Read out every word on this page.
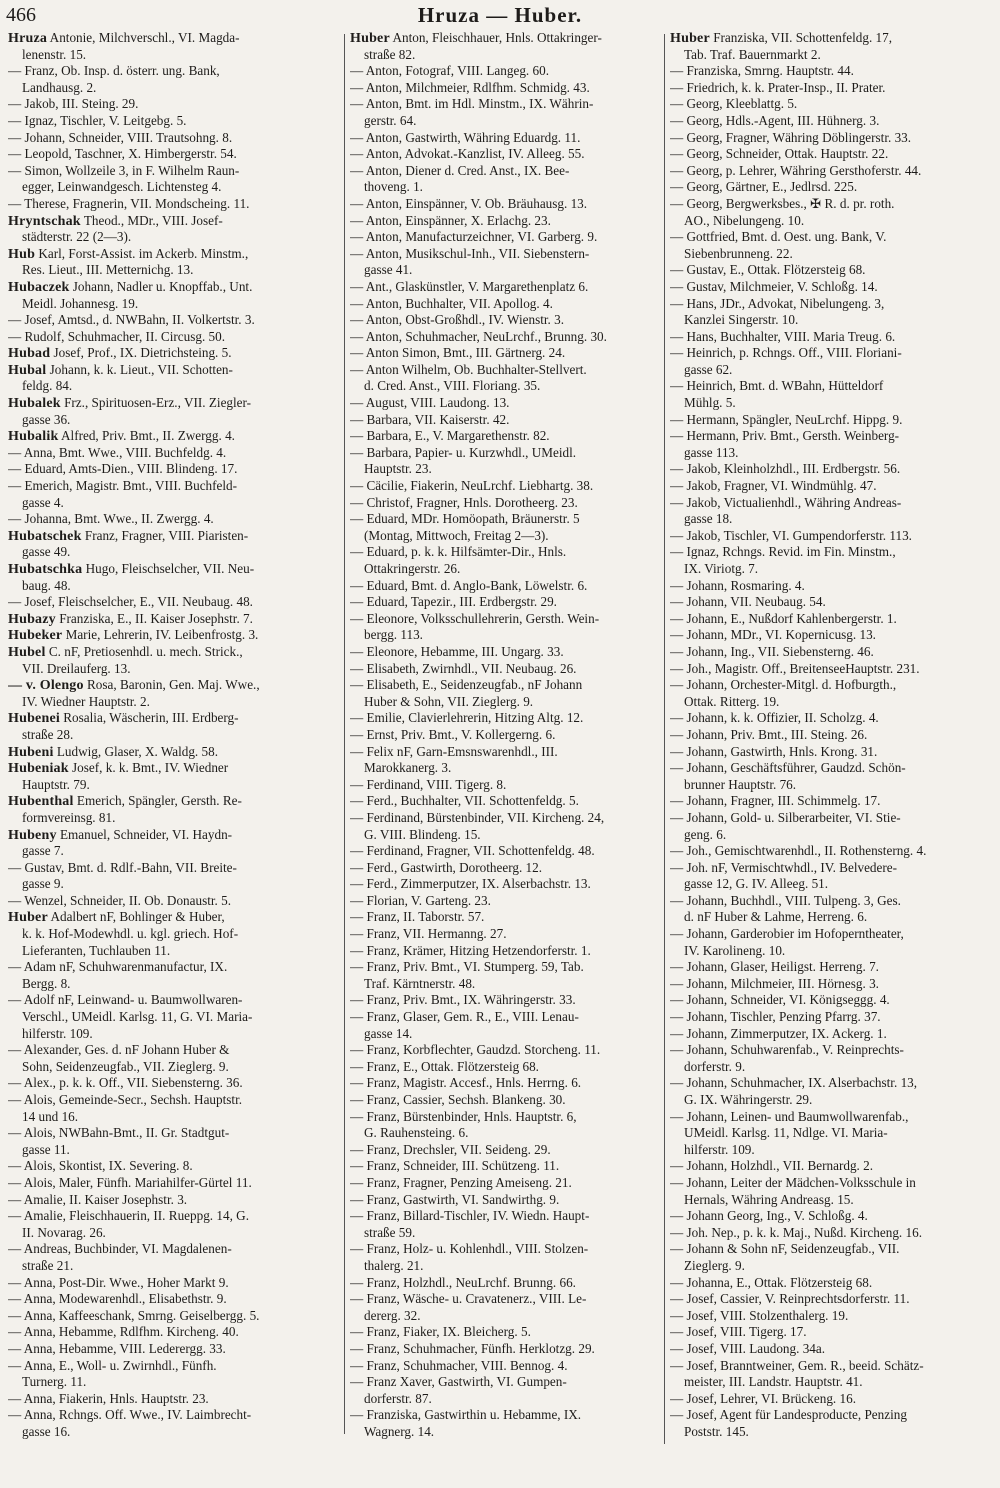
466	Hruza — Huber.
Hruza Antonie, Milchverschl., VI. Magda-
lenenstr. 15.
— Franz, Ob. Insp. d. österr. ung. Bank,
Landhausg. 2.
— Jakob, III. Steing. 29.
— Ignaz, Tischler, V. Leitgebg. 5.
— Johann, Schneider, VIII. Trautsohng. 8.
— Leopold, Taschner, X. Himbergerstr. 54.
— Simon, Wollzeile 3, in F. Wilhelm Raun-
egger, Leinwandgesch. Lichtensteg 4.
— Therese, Fragnerin, VII. Mondscheing. 11.
Hryntschak Theod., MDr., VIII. Josef-
städterstr. 22 (2—3).
Hub Karl, Forst-Assist. im Ackerb. Minstm.,
Res. Lieut., III. Metternichg. 13.
Hubaczek Johann, Nadler u. Knopffab., Unt.
Meidl. Johannesg. 19.
— Josef, Amtsd., d. NWBahn, II. Volkertstr. 3.
— Rudolf, Schuhmacher, II. Circusg. 50.
Hubad Josef, Prof., IX. Dietrichsteing. 5.
Hubal Johann, k. k. Lieut., VII. Schotten-
feldg. 84.
Hubalek Frz., Spirituosen-Erz., VII. Ziegler-
gasse 36.
Hubalik Alfred, Priv. Bmt., II. Zwergg. 4.
— Anna, Bmt. Wwe., VIII. Buchfeldg. 4.
— Eduard, Amts-Dien., VIII. Blindeng. 17.
— Emerich, Magistr. Bmt., VIII. Buchfeld-
gasse 4.
— Johanna, Bmt. Wwe., II. Zwergg. 4.
Hubatschek Franz, Fragner, VIII. Piaristen-
gasse 49.
Hubatschka Hugo, Fleischselcher, VII. Neu-
baug. 48.
— Josef, Fleischselcher, E., VII. Neubaug. 48.
Hubazy Franziska, E., II. Kaiser Josephstr. 7.
Hubeker Marie, Lehrerin, IV. Leibenfrostg. 3.
Hubel C. nF, Pretiosenhdl. u. mech. Strick.,
VII. Dreilauferg. 13.
— v. Olengo Rosa, Baronin, Gen. Maj. Wwe.,
IV. Wiedner Hauptstr. 2.
Hubenei Rosalia, Wäscherin, III. Erdberg-
straße 28.
Hubeni Ludwig, Glaser, X. Waldg. 58.
Hubeniak Josef, k. k. Bmt., IV. Wiedner
Hauptstr. 79.
Hubenthal Emerich, Spängler, Gersth. Re-
formvereinsg. 81.
Hubeny Emanuel, Schneider, VI. Haydn-
gasse 7.
— Gustav, Bmt. d. Rdlf.-Bahn, VII. Breite-
gasse 9.
— Wenzel, Schneider, II. Ob. Donaustr. 5.
Huber Adalbert nF, Bohlinger & Huber,
k. k. Hof-Modewhdl. u. kgl. griech. Hof-
Lieferanten, Tuchlauben 11.
— Adam nF, Schuhwarenmanufactur, IX.
Bergg. 8.
— Adolf nF, Leinwand- u. Baumwollwaren-
Verschl., UMeidl. Karlsg. 11, G. VI. Maria-
hilferstr. 109.
— Alexander, Ges. d. nF Johann Huber &
Sohn, Seidenzeugfab., VII. Zieglerg. 9.
— Alex., p. k. k. Off., VII. Siebensterng. 36.
— Alois, Gemeinde-Secr., Sechsh. Hauptstr.
14 und 16.
— Alois, NWBahn-Bmt., II. Gr. Stadtgut-
gasse 11.
— Alois, Skontist, IX. Severing. 8.
— Alois, Maler, Fünfh. Mariahilfer-Gürtel 11.
— Amalie, II. Kaiser Josephstr. 3.
— Amalie, Fleischhauerin, II. Rueppg. 14, G.
II. Novarag. 26.
— Andreas, Buchbinder, VI. Magdalenen-
straße 21.
— Anna, Post-Dir. Wwe., Hoher Markt 9.
— Anna, Modewarenhdl., Elisabethstr. 9.
— Anna, Kaffeeschank, Smrng. Geiselbergg. 5.
— Anna, Hebamme, Rdlfhm. Kircheng. 40.
— Anna, Hebamme, VIII. Lederergg. 33.
— Anna, E., Woll- u. Zwirnhdl., Fünfh.
Turnerg. 11.
— Anna, Fiakerin, Hnls. Hauptstr. 23.
— Anna, Rchngs. Off. Wwe., IV. Laimbrecht-
gasse 16.
Huber Anton, Fleischhauer, Hnls. Ottakringer-
straße 82.
— Anton, Fotograf, VIII. Langeg. 60.
— Anton, Milchmeier, Rdlfhm. Schmidg. 43.
— Anton, Bmt. im Hdl. Minstm., IX. Währin-
gerstr. 64.
— Anton, Gastwirth, Währing Eduardg. 11.
— Anton, Advokat.-Kanzlist, IV. Alleeg. 55.
— Anton, Diener d. Cred. Anst., IX. Bee-
thoveng. 1.
— Anton, Einspänner, V. Ob. Bräuhausg. 13.
— Anton, Einspänner, X. Erlachg. 23.
— Anton, Manufacturzeichner, VI. Garberg. 9.
— Anton, Musikschul-Inh., VII. Siebenstern-
gasse 41.
— Ant., Glaskünstler, V. Margarethenplatz 6.
— Anton, Buchhalter, VII. Apollog. 4.
— Anton, Obst-Großhdl., IV. Wienstr. 3.
— Anton, Schuhmacher, NeuLrchf., Brunng. 30.
— Anton Simon, Bmt., III. Gärtnerg. 24.
— Anton Wilhelm, Ob. Buchhalter-Stellvert.
d. Cred. Anst., VIII. Floriang. 35.
— August, VIII. Laudong. 13.
— Barbara, VII. Kaiserstr. 42.
— Barbara, E., V. Margarethenstr. 82.
— Barbara, Papier- u. Kurzwhdl., UMeidl.
Hauptstr. 23.
— Cäcilie, Fiakerin, NeuLrchf. Liebhartg. 38.
— Christof, Fragner, Hnls. Dorotheerg. 23.
— Eduard, MDr. Homöopath, Bräunerstr. 5
(Montag, Mittwoch, Freitag 2—3).
— Eduard, p. k. k. Hilfsämter-Dir., Hnls.
Ottakringerstr. 26.
— Eduard, Bmt. d. Anglo-Bank, Löwelstr. 6.
— Eduard, Tapezir., III. Erdbergstr. 29.
— Eleonore, Volksschullehrerin, Gersth. Wein-
bergg. 113.
— Eleonore, Hebamme, III. Ungarg. 33.
— Elisabeth, Zwirnhdl., VII. Neubaug. 26.
— Elisabeth, E., Seidenzeugfab., nF Johann
Huber & Sohn, VII. Zieglerg. 9.
— Emilie, Clavierlehrerin, Hitzing Altg. 12.
— Ernst, Priv. Bmt., V. Kollergerng. 6.
— Felix nF, Garn-Emsnswarenhdl., III.
Marokkanerg. 3.
— Ferdinand, VIII. Tigerg. 8.
— Ferd., Buchhalter, VII. Schottenfeldg. 5.
— Ferdinand, Bürstenbinder, VII. Kircheng. 24,
G. VIII. Blindeng. 15.
— Ferdinand, Fragner, VII. Schottenfeldg. 48.
— Ferd., Gastwirth, Dorotheerg. 12.
— Ferd., Zimmerputzer, IX. Alserbachstr. 13.
— Florian, V. Garteng. 23.
— Franz, II. Taborstr. 57.
— Franz, VII. Hermanng. 27.
— Franz, Krämer, Hitzing Hetzendorferstr. 1.
— Franz, Priv. Bmt., VI. Stumperg. 59, Tab.
Traf. Kärntnerstr. 48.
— Franz, Priv. Bmt., IX. Währingerstr. 33.
— Franz, Glaser, Gem. R., E., VIII. Lenau-
gasse 14.
— Franz, Korbflechter, Gaudzd. Storcheng. 11.
— Franz, E., Ottak. Flötzersteig 68.
— Franz, Magistr. Accesf., Hnls. Herrng. 6.
— Franz, Cassier, Sechsh. Blankeng. 30.
— Franz, Bürstenbinder, Hnls. Hauptstr. 6,
G. Rauhensteing. 6.
— Franz, Drechsler, VII. Seideng. 29.
— Franz, Schneider, III. Schützeng. 11.
— Franz, Fragner, Penzing Ameiseng. 21.
— Franz, Gastwirth, VI. Sandwirthg. 9.
— Franz, Billard-Tischler, IV. Wiedn. Haupt-
straße 59.
— Franz, Holz- u. Kohlenhdl., VIII. Stolzen-
thalerg. 21.
— Franz, Holzhdl., NeuLrchf. Brunng. 66.
— Franz, Wäsche- u. Cravatenerz., VIII. Le-
dererg. 32.
— Franz, Fiaker, IX. Bleicherg. 5.
— Franz, Schuhmacher, Fünfh. Herklotzg. 29.
— Franz, Schuhmacher, VIII. Bennog. 4.
— Franz Xaver, Gastwirth, VI. Gumpen-
dorferstr. 87.
— Franziska, Gastwirthin u. Hebamme, IX.
Wagnerg. 14.
Huber Franziska, VII. Schottenfeldg. 17,
Tab. Traf. Bauernmarkt 2.
— Franziska, Smrng. Hauptstr. 44.
— Friedrich, k. k. Prater-Insp., II. Prater.
— Georg, Kleeblattg. 5.
— Georg, Hdls.-Agent, III. Hühnerg. 3.
— Georg, Fragner, Währing Döblingerstr. 33.
— Georg, Schneider, Ottak. Hauptstr. 22.
— Georg, p. Lehrer, Währing Gersthoferstr. 44.
— Georg, Gärtner, E., Jedlrsd. 225.
— Georg, Bergwerksbes., ✠ R. d. pr. roth.
AO., Nibelungeng. 10.
— Gottfried, Bmt. d. Oest. ung. Bank, V.
Siebenbrunneng. 22.
— Gustav, E., Ottak. Flötzersteig 68.
— Gustav, Milchmeier, V. Schloßg. 14.
— Hans, JDr., Advokat, Nibelungeng. 3,
Kanzlei Singerstr. 10.
— Hans, Buchhalter, VIII. Maria Treug. 6.
— Heinrich, p. Rchngs. Off., VIII. Floriani-
gasse 62.
— Heinrich, Bmt. d. WBahn, Hütteldorf
Mühlg. 5.
— Hermann, Spängler, NeuLrchf. Hippg. 9.
— Hermann, Priv. Bmt., Gersth. Weinberg-
gasse 113.
— Jakob, Kleinholzhdl., III. Erdbergstr. 56.
— Jakob, Fragner, VI. Windmühlg. 47.
— Jakob, Victualienhdl., Währing Andreas-
gasse 18.
— Jakob, Tischler, VI. Gumpendorferstr. 113.
— Ignaz, Rchngs. Revid. im Fin. Minstm.,
IX. Viriotg. 7.
— Johann, Rosmaring. 4.
— Johann, VII. Neubaug. 54.
— Johann, E., Nußdorf Kahlenbergerstr. 1.
— Johann, MDr., VI. Kopernicusg. 13.
— Johann, Ing., VII. Siebensterng. 46.
— Joh., Magistr. Off., BreitenseeHauptstr. 231.
— Johann, Orchester-Mitgl. d. Hofburgth.,
Ottak. Ritterg. 19.
— Johann, k. k. Offizier, II. Scholzg. 4.
— Johann, Priv. Bmt., III. Steing. 26.
— Johann, Gastwirth, Hnls. Krong. 31.
— Johann, Geschäftsführer, Gaudzd. Schön-
brunner Hauptstr. 76.
— Johann, Fragner, III. Schimmelg. 17.
— Johann, Gold- u. Silberarbeiter, VI. Stie-
geng. 6.
— Joh., Gemischtwarenhdl., II. Rothensterng. 4.
— Joh. nF, Vermischtwhdl., IV. Belvedere-
gasse 12, G. IV. Alleeg. 51.
— Johann, Buchhdl., VIII. Tulpeng. 3, Ges.
d. nF Huber & Lahme, Herreng. 6.
— Johann, Garderobier im Hofoperntheater,
IV. Karolineng. 10.
— Johann, Glaser, Heiligst. Herreng. 7.
— Johann, Milchmeier, III. Hörnesg. 3.
— Johann, Schneider, VI. Königseggg. 4.
— Johann, Tischler, Penzing Pfarrg. 37.
— Johann, Zimmerputzer, IX. Ackerg. 1.
— Johann, Schuhwarenfab., V. Reinprechts-
dorferstr. 9.
— Johann, Schuhmacher, IX. Alserbachstr. 13,
G. IX. Währingerstr. 29.
— Johann, Leinen- und Baumwollwarenfab.,
UMeidl. Karlsg. 11, Ndlge. VI. Maria-
hilferstr. 109.
— Johann, Holzhdl., VII. Bernardg. 2.
— Johann, Leiter der Mädchen-Volksschule in
Hernals, Währing Andreasg. 15.
— Johann Georg, Ing., V. Schloßg. 4.
— Joh. Nep., p. k. k. Maj., Nußd. Kircheng. 16.
— Johann & Sohn nF, Seidenzeugfab., VII.
Zieglerg. 9.
— Johanna, E., Ottak. Flötzersteig 68.
— Josef, Cassier, V. Reinprechtsdorferstr. 11.
— Josef, VIII. Stolzenthalerg. 19.
— Josef, VIII. Tigerg. 17.
— Josef, VIII. Laudong. 34a.
— Josef, Branntweiner, Gem. R., beeid. Schätz-
meister, III. Landstr. Hauptstr. 41.
— Josef, Lehrer, VI. Brückeng. 16.
— Josef, Agent für Landesproducte, Penzing
Poststr. 145.
